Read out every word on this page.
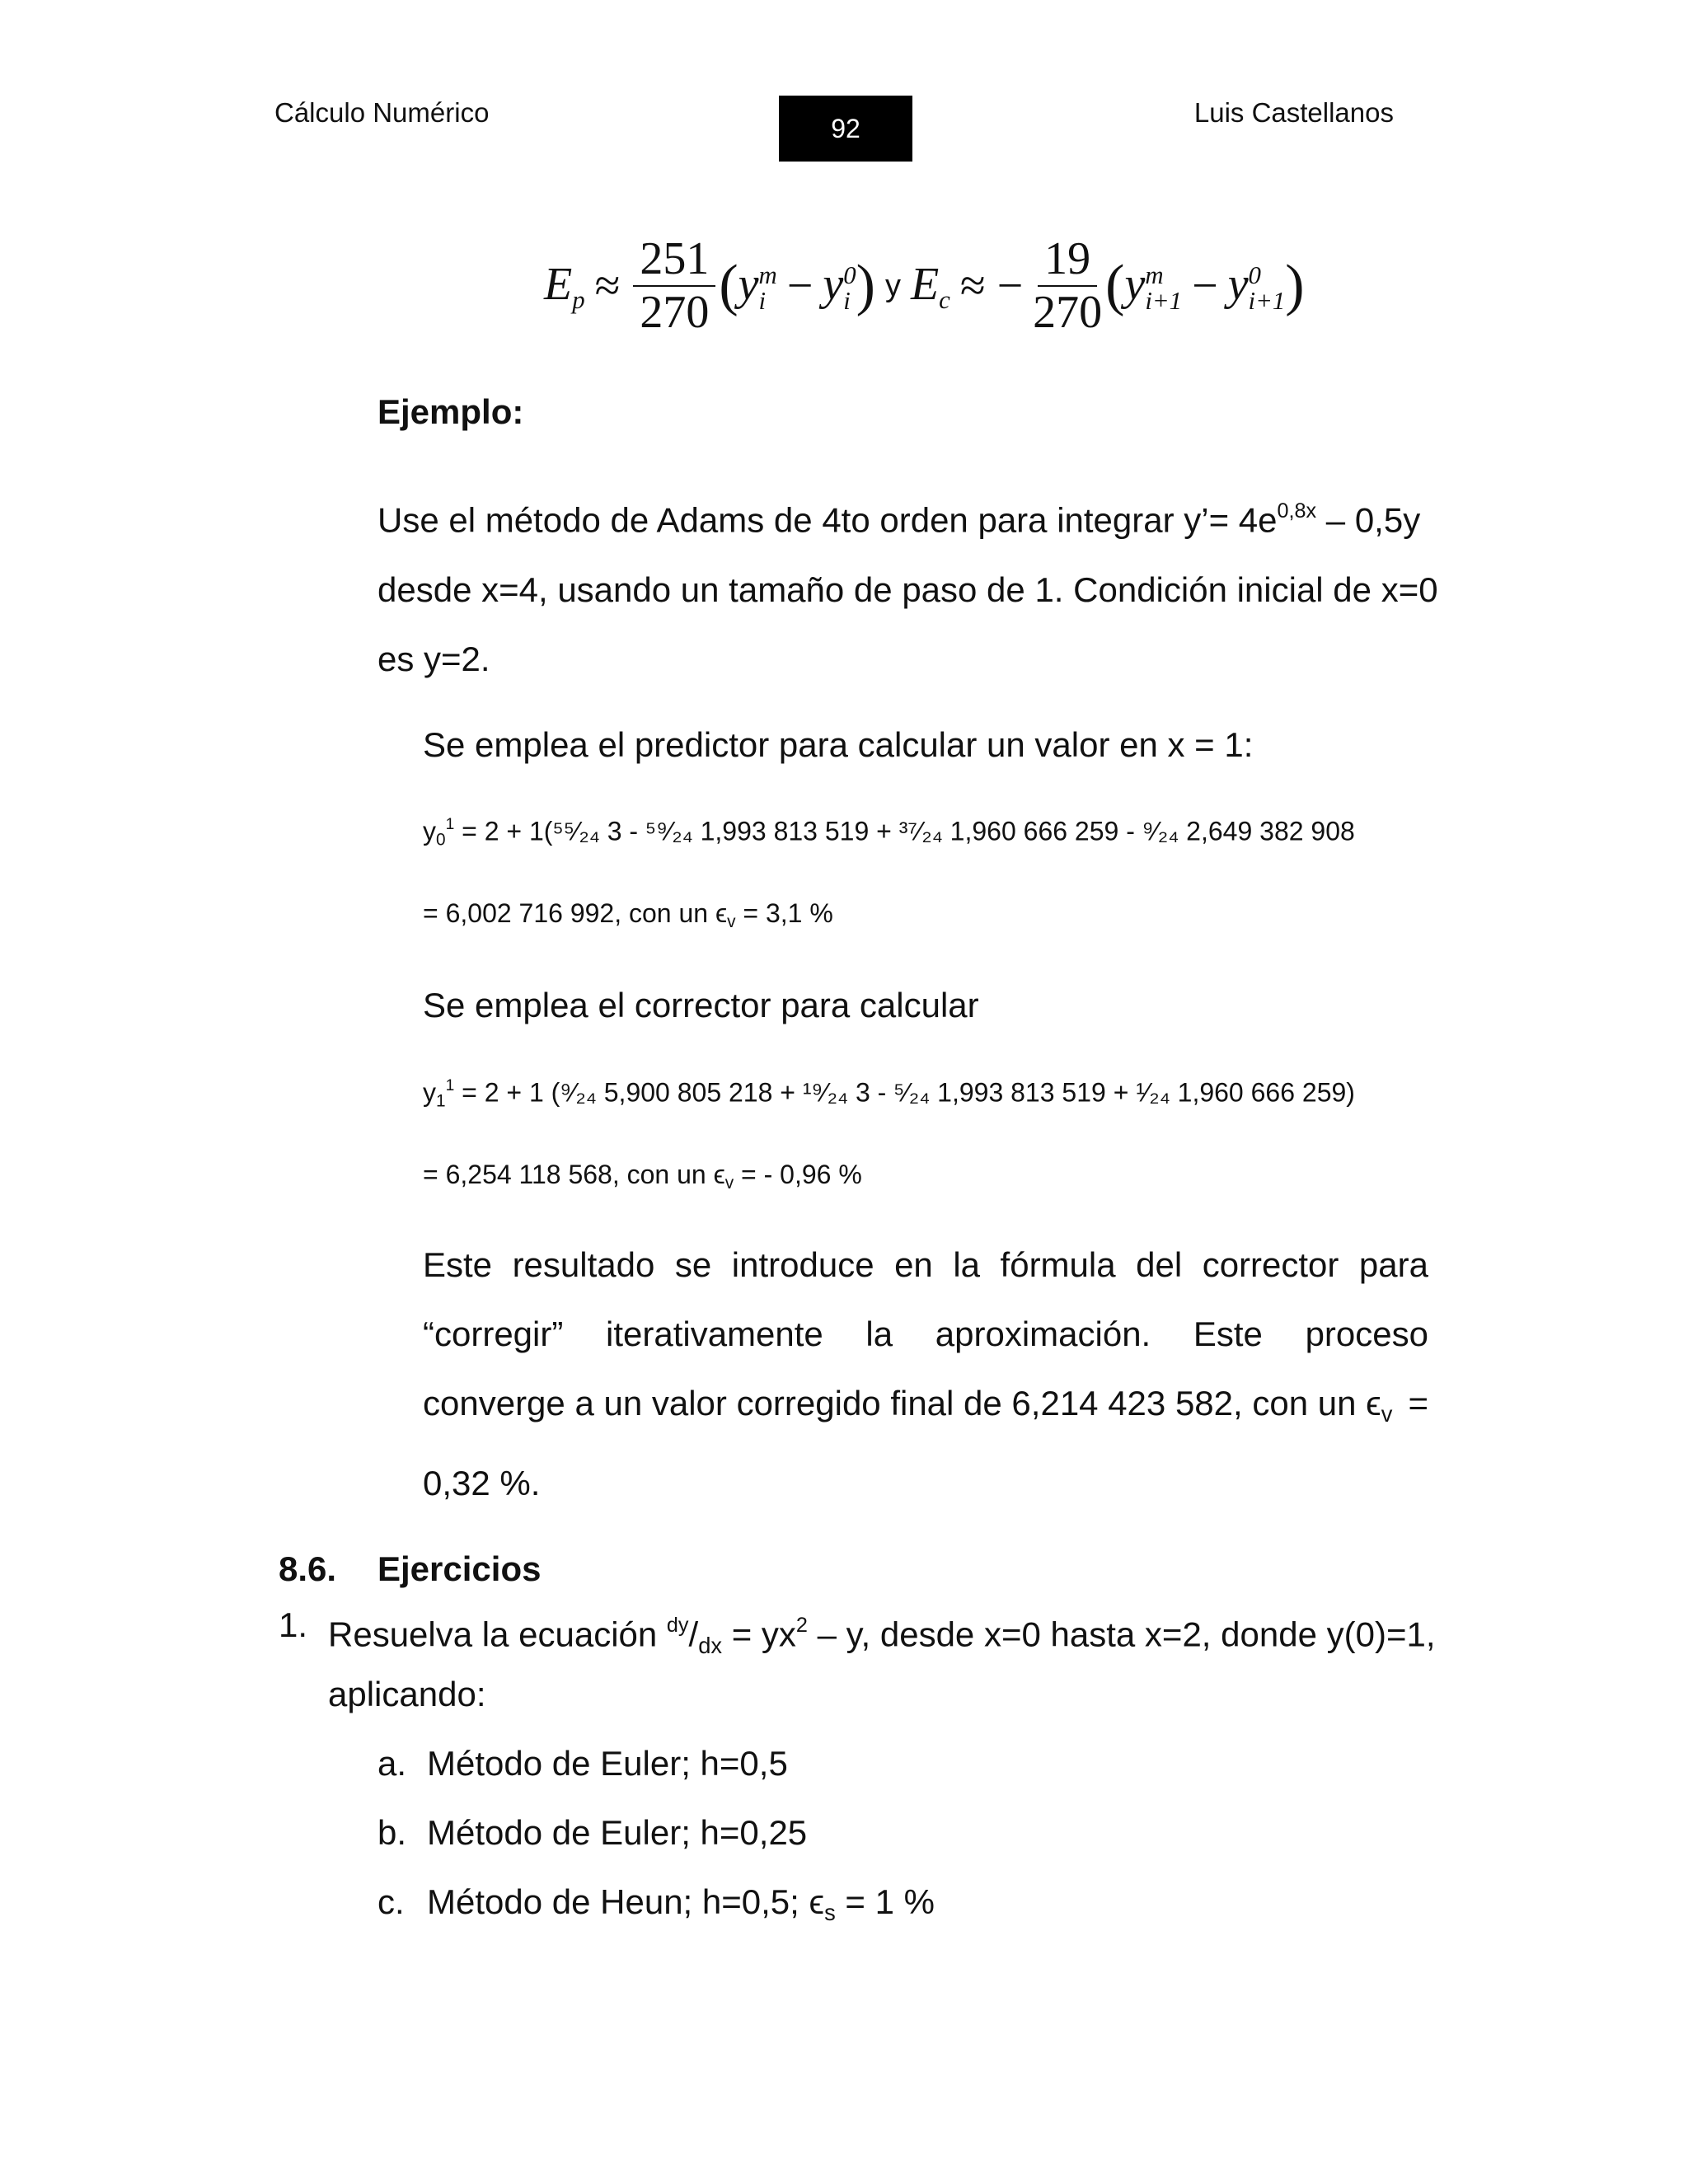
Cálculo Numérico
92
Luis Castellanos
$E_p \approx \frac{251}{270}$ ( y m
i − y 0
i ) y $E_c$ ≈ − $\frac{19}{270}$ ( y m
i+1 − y 0
i+1 )
Ejemplo:
Use el método de Adams de 4to orden para integrar y’= $4e^{0,8x} - 0,5y$
desde x=4, usando un tamaño de paso de 1. Condición inicial de x=0
es y=2.
Se emplea el predictor para calcular un valor en x = 1:
$y0^1 = 2$ + 1(⁵⁵⁄₂₄ 3 - ⁵⁹⁄₂₄ 1,993 813 519 + ³⁷⁄₂₄ 1,960 666 259 - ⁹⁄₂₄ 2,649 382 908
= 6,002 716 992, con un ϵv = 3,1 %
Se emplea el corrector para calcular
$y1^1 = 2 + 1$ (⁹⁄₂₄ 5,900 805 218 + ¹⁹⁄₂₄ 3 - ⁵⁄₂₄ 1,993 813 519 + ¹⁄₂₄ 1,960 666 259)
= 6,254 118 568, con un ϵv = - 0,96 %
Este resultado se introduce en la fórmula del corrector para
“corregir” iterativamente la aproximación. Este proceso
converge a un valor corregido final de 6,214 423 582, con un ϵv =
0,32 %.
8.6. Ejercicios
1. Resuelva la ecuación $^{dy}/dx = yx^2 - y$, desde x=0 hasta x=2, donde y(0)=1,
aplicando:
a. Método de Euler; h=0,5
b. Método de Euler; h=0,25
c. Método de Heun; h=0,5; ϵs = 1 %
